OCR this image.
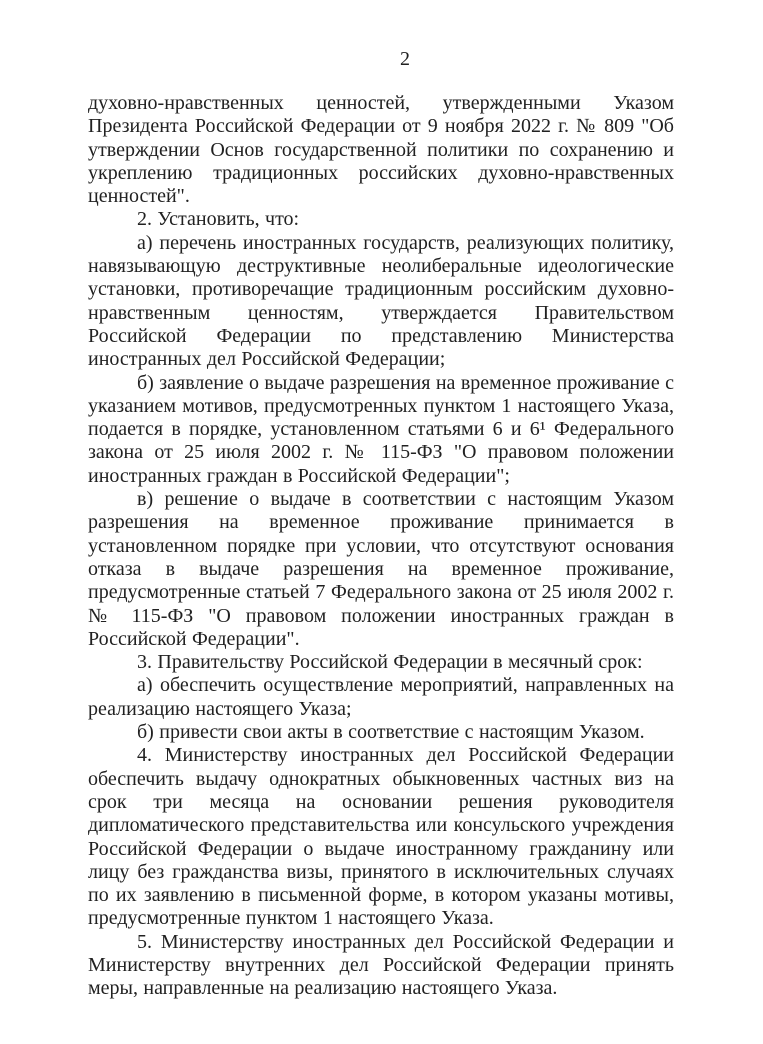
2

духовно-нравственных ценностей, утвержденными Указом Президента Российской Федерации от 9 ноября 2022 г. № 809 "Об утверждении Основ государственной политики по сохранению и укреплению традиционных российских духовно-нравственных ценностей".

2. Установить, что:

а) перечень иностранных государств, реализующих политику, навязывающую деструктивные неолиберальные идеологические установки, противоречащие традиционным российским духовно-нравственным ценностям, утверждается Правительством Российской Федерации по представлению Министерства иностранных дел Российской Федерации;

б) заявление о выдаче разрешения на временное проживание с указанием мотивов, предусмотренных пунктом 1 настоящего Указа, подается в порядке, установленном статьями 6 и 6¹ Федерального закона от 25 июля 2002 г. № 115-ФЗ "О правовом положении иностранных граждан в Российской Федерации";

в) решение о выдаче в соответствии с настоящим Указом разрешения на временное проживание принимается в установленном порядке при условии, что отсутствуют основания отказа в выдаче разрешения на временное проживание, предусмотренные статьей 7 Федерального закона от 25 июля 2002 г. № 115-ФЗ "О правовом положении иностранных граждан в Российской Федерации".

3. Правительству Российской Федерации в месячный срок:

а) обеспечить осуществление мероприятий, направленных на реализацию настоящего Указа;

б) привести свои акты в соответствие с настоящим Указом.

4. Министерству иностранных дел Российской Федерации обеспечить выдачу однократных обыкновенных частных виз на срок три месяца на основании решения руководителя дипломатического представительства или консульского учреждения Российской Федерации о выдаче иностранному гражданину или лицу без гражданства визы, принятого в исключительных случаях по их заявлению в письменной форме, в котором указаны мотивы, предусмотренные пунктом 1 настоящего Указа.

5. Министерству иностранных дел Российской Федерации и Министерству внутренних дел Российской Федерации принять меры, направленные на реализацию настоящего Указа.
